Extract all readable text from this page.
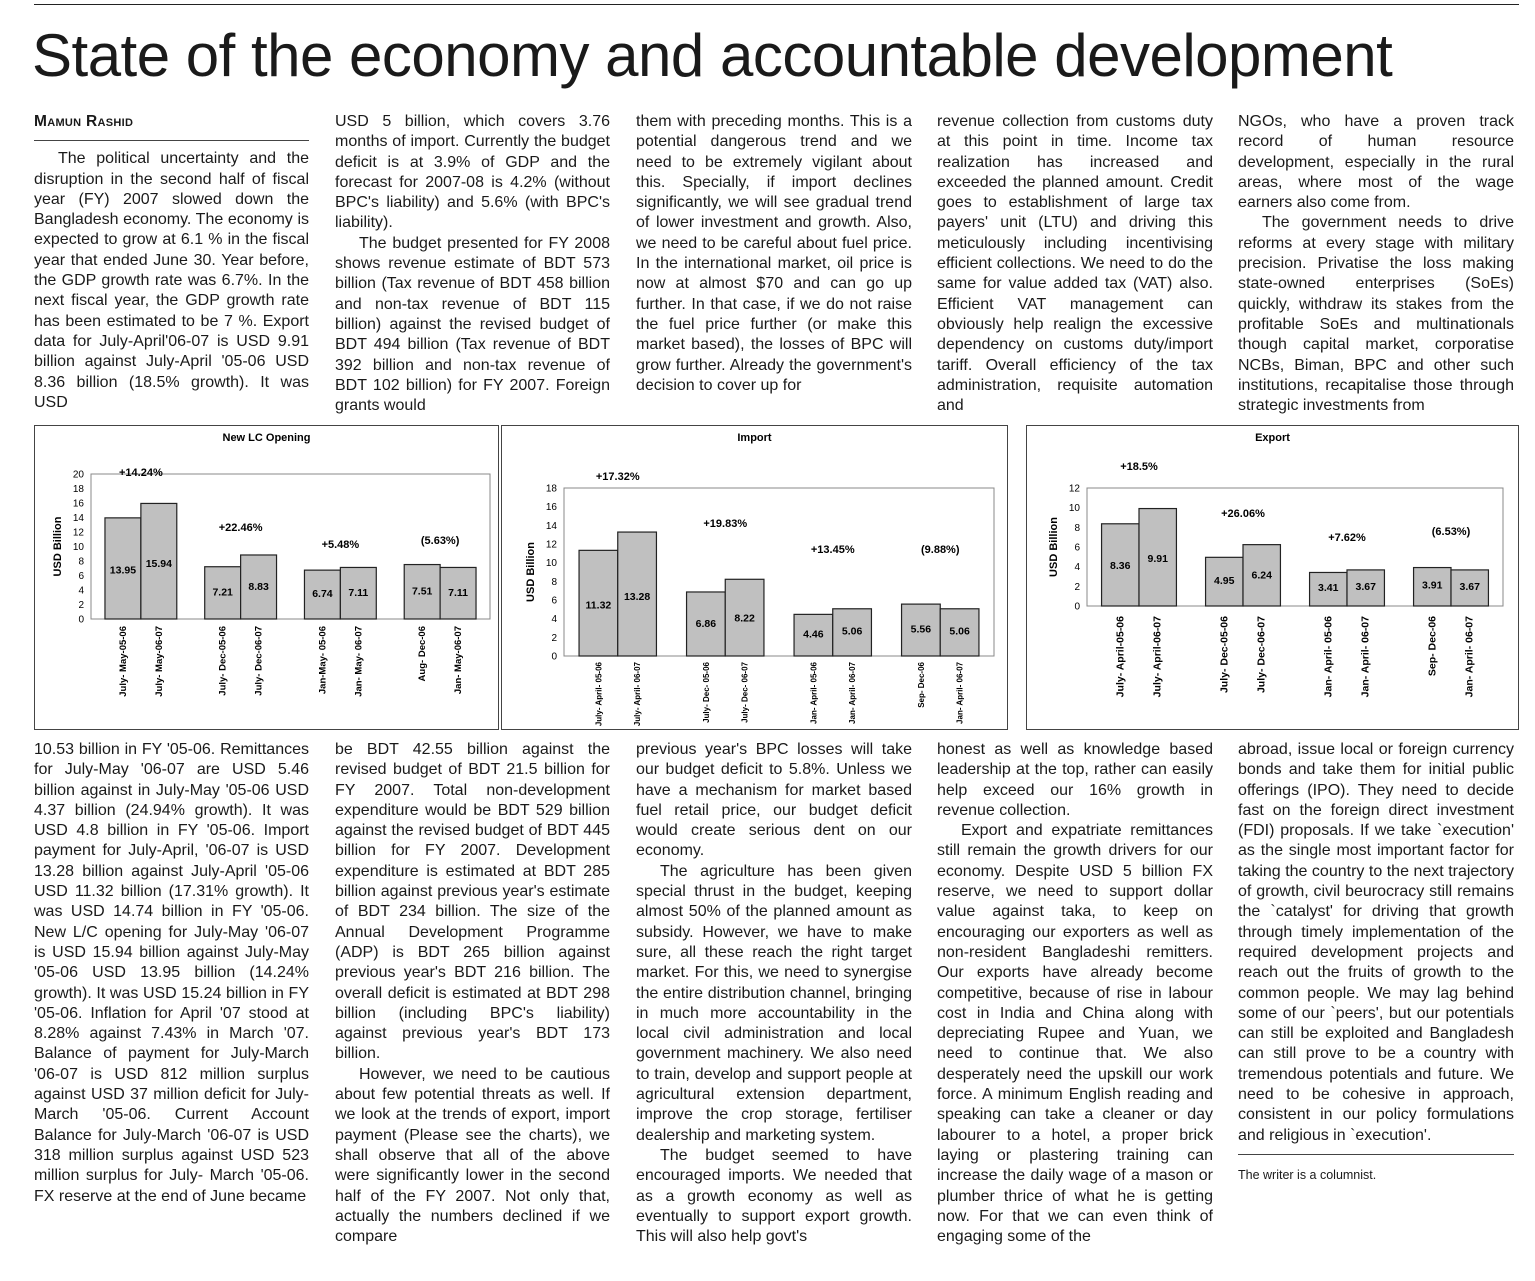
State of the economy and accountable development

Mamun Rashid

The political uncertainty and the disruption in the second half of fiscal year (FY) 2007 slowed down the Bangladesh economy. The economy is expected to grow at 6.1 % in the fiscal year that ended June 30. Year before, the GDP growth rate was 6.7%. In the next fiscal year, the GDP growth rate has been estimated to be 7 %. Export data for July-April'06-07 is USD 9.91 billion against July-April '05-06 USD 8.36 billion (18.5% growth). It was USD

USD 5 billion, which covers 3.76 months of import. Currently the budget deficit is at 3.9% of GDP and the forecast for 2007-08 is 4.2% (without BPC's liability) and 5.6% (with BPC's liability).

The budget presented for FY 2008 shows revenue estimate of BDT 573 billion (Tax revenue of BDT 458 billion and non-tax revenue of BDT 115 billion) against the revised budget of BDT 494 billion (Tax revenue of BDT 392 billion and non-tax revenue of BDT 102 billion) for FY 2007. Foreign grants would

them with preceding months. This is a potential dangerous trend and we need to be extremely vigilant about this. Specially, if import declines significantly, we will see gradual trend of lower investment and growth. Also, we need to be careful about fuel price. In the international market, oil price is now at almost $70 and can go up further. In that case, if we do not raise the fuel price further (or make this market based), the losses of BPC will grow further. Already the government's decision to cover up for

revenue collection from customs duty at this point in time. Income tax realization has increased and exceeded the planned amount. Credit goes to establishment of large tax payers' unit (LTU) and driving this meticulously including incentivising efficient collections. We need to do the same for value added tax (VAT) also. Efficient VAT management can obviously help realign the excessive dependency on customs duty/import tariff. Overall efficiency of the tax administration, requisite automation and

NGOs, who have a proven track record of human resource development, especially in the rural areas, where most of the wage earners also come from.

The government needs to drive reforms at every stage with military precision. Privatise the loss making state-owned enterprises (SoEs) quickly, withdraw its stakes from the profitable SoEs and multinationals though capital market, corporatise NCBs, Biman, BPC and other such institutions, recapitalise those through strategic investments from

New LC Opening
USD Billion
0
2
4
6
8
10
12
14
16
18
20
13.95
July- May-05-06
15.94
July- May-06-07
7.21
July- Dec-05-06
8.83
July- Dec-06-07
6.74
Jan-May- 05-06
7.11
Jan- May- 06-07
7.51
Aug- Dec-06
7.11
Jan- May-06-07
+14.24%
+22.46%
+5.48%	(5.63%)
Import
USD Billion
0
2
4
6
8
10
12
14
16
18
11.32
July- April- 05-06
13.28
July- April- 06-07
6.86
July- Dec- 05-06
8.22
July- Dec- 06-07
4.46
Jan- April- 05-06
5.06
Jan- April- 06-07
5.56
Sep- Dec-06
5.06
Jan- April- 06-07
+17.32%
+19.83%
+13.45%	(9.88%)
Export
USD Billion
0
2
4
6
8
10
12
8.36
July- April-05-06
9.91
July- April-06-07
4.95
July- Dec-05-06
6.24
July- Dec-06-07
3.41
Jan- April- 05-06
3.67
Jan- April- 06-07
3.91
Sep- Dec-06
3.67
Jan- April- 06-07
+18.5%
+26.06%
+7.62%	(6.53%)

10.53 billion in FY '05-06. Remittances for July-May '06-07 are USD 5.46 billion against in July-May '05-06 USD 4.37 billion (24.94% growth). It was USD 4.8 billion in FY '05-06. Import payment for July-April, '06-07 is USD 13.28 billion against July-April '05-06 USD 11.32 billion (17.31% growth). It was USD 14.74 billion in FY '05-06. New L/C opening for July-May '06-07 is USD 15.94 billion against July-May '05-06 USD 13.95 billion (14.24% growth). It was USD 15.24 billion in FY '05-06. Inflation for April '07 stood at 8.28% against 7.43% in March '07. Balance of payment for July-March '06-07 is USD 812 million surplus against USD 37 million deficit for July-March '05-06. Current Account Balance for July-March '06-07 is USD 318 million surplus against USD 523 million surplus for July- March '05-06. FX reserve at the end of June became

be BDT 42.55 billion against the revised budget of BDT 21.5 billion for FY 2007. Total non-development expenditure would be BDT 529 billion against the revised budget of BDT 445 billion for FY 2007. Development expenditure is estimated at BDT 285 billion against previous year's estimate of BDT 234 billion. The size of the Annual Development Programme (ADP) is BDT 265 billion against previous year's BDT 216 billion. The overall deficit is estimated at BDT 298 billion (including BPC's liability) against previous year's BDT 173 billion.

However, we need to be cautious about few potential threats as well. If we look at the trends of export, import payment (Please see the charts), we shall observe that all of the above were significantly lower in the second half of the FY 2007. Not only that, actually the numbers declined if we compare

previous year's BPC losses will take our budget deficit to 5.8%. Unless we have a mechanism for market based fuel retail price, our budget deficit would create serious dent on our economy.

The agriculture has been given special thrust in the budget, keeping almost 50% of the planned amount as subsidy. However, we have to make sure, all these reach the right target market. For this, we need to synergise the entire distribution channel, bringing in much more accountability in the local civil administration and local government machinery. We also need to train, develop and support people at agricultural extension department, improve the crop storage, fertiliser dealership and marketing system.

The budget seemed to have encouraged imports. We needed that as a growth economy as well as eventually to support export growth. This will also help govt's

honest as well as knowledge based leadership at the top, rather can easily help exceed our 16% growth in revenue collection.

Export and expatriate remittances still remain the growth drivers for our economy. Despite USD 5 billion FX reserve, we need to support dollar value against taka, to keep on encouraging our exporters as well as non-resident Bangladeshi remitters. Our exports have already become competitive, because of rise in labour cost in India and China along with depreciating Rupee and Yuan, we need to continue that. We also desperately need the upskill our work force. A minimum English reading and speaking can take a cleaner or day labourer to a hotel, a proper brick laying or plastering training can increase the daily wage of a mason or plumber thrice of what he is getting now. For that we can even think of engaging some of the

abroad, issue local or foreign currency bonds and take them for initial public offerings (IPO). They need to decide fast on the foreign direct investment (FDI) proposals. If we take `execution' as the single most important factor for taking the country to the next trajectory of growth, civil beurocracy still remains the `catalyst' for driving that growth through timely implementation of the required development projects and reach out the fruits of growth to the common people. We may lag behind some of our `peers', but our potentials can still be exploited and Bangladesh can still prove to be a country with tremendous potentials and future. We need to be cohesive in approach, consistent in our policy formulations and religious in `execution'.

The writer is a columnist.
